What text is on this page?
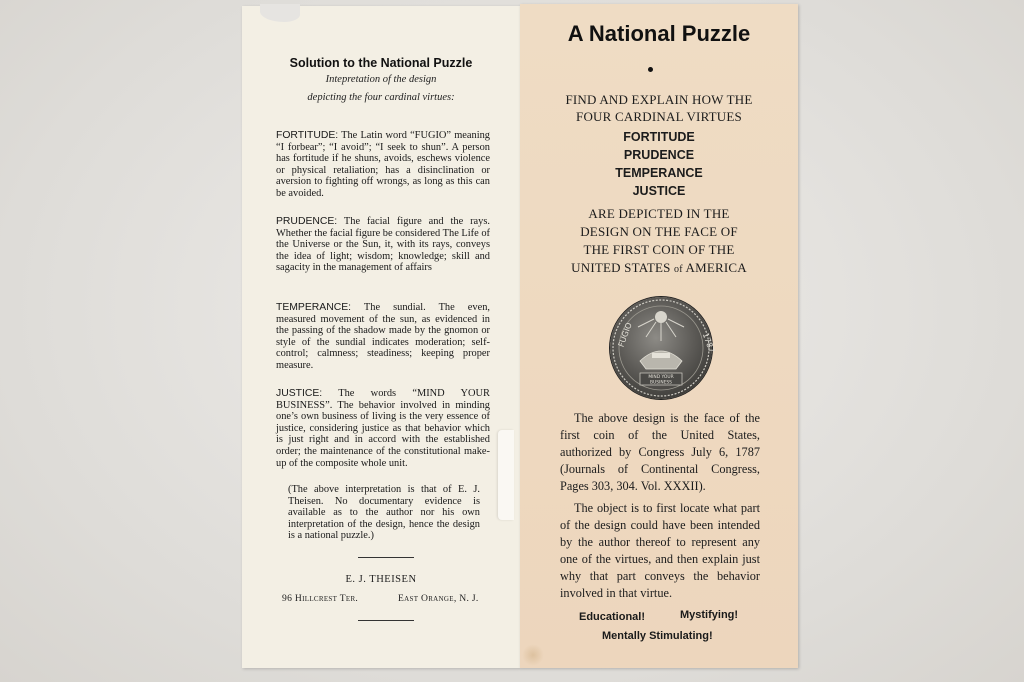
Solution to the National Puzzle
Intepretation of the design
depicting the four cardinal virtues:

FORTITUDE: The Latin word “FUGIO” meaning “I forbear”; “I avoid”; “I seek to shun”. A person has fortitude if he shuns, avoids, eschews violence or physical retaliation; has a disinclination or aversion to fighting off wrongs, as long as this can be avoided.

PRUDENCE: The facial figure and the rays. Whether the facial figure be considered The Life of the Universe or the Sun, it, with its rays, conveys the idea of light; wisdom; knowledge; skill and sagacity in the management of affairs

TEMPERANCE: The sundial. The even, measured movement of the sun, as evidenced in the passing of the shadow made by the gnomon or style of the sundial indicates moderation; self-control; calmness; steadiness; keeping proper measure.

JUSTICE: The words “MIND YOUR BUSINESS”. The behavior involved in minding one’s own business of living is the very essence of justice, considering justice as that behavior which is just right and in accord with the established order; the maintenance of the constitutional make-up of the composite whole unit.

(The above interpretation is that of E. J. Theisen. No documentary evidence is available as to the author nor his own interpretation of the design, hence the design is a national puzzle.)

E. J. THEISEN
96 Hillcrest Ter.	East Orange, N. J.
A National Puzzle
FIND AND EXPLAIN HOW THE
FOUR CARDINAL VIRTUES
FORTITUDE
PRUDENCE
TEMPERANCE
JUSTICE
ARE DEPICTED IN THE
DESIGN ON THE FACE OF
THE FIRST COIN OF THE
UNITED STATES of AMERICA
MIND YOUR
BUSINESS
FUGIO	1787

The above design is the face of the first coin of the United States, authorized by Congress July 6, 1787 (Journals of Continental Congress, Pages 303, 304. Vol. XXXII).

The object is to first locate what part of the design could have been intended by the author thereof to represent any one of the virtues, and then explain just why that part conveys the behavior involved in that virtue.

Educational!	Mystifying!
Mentally Stimulating!
